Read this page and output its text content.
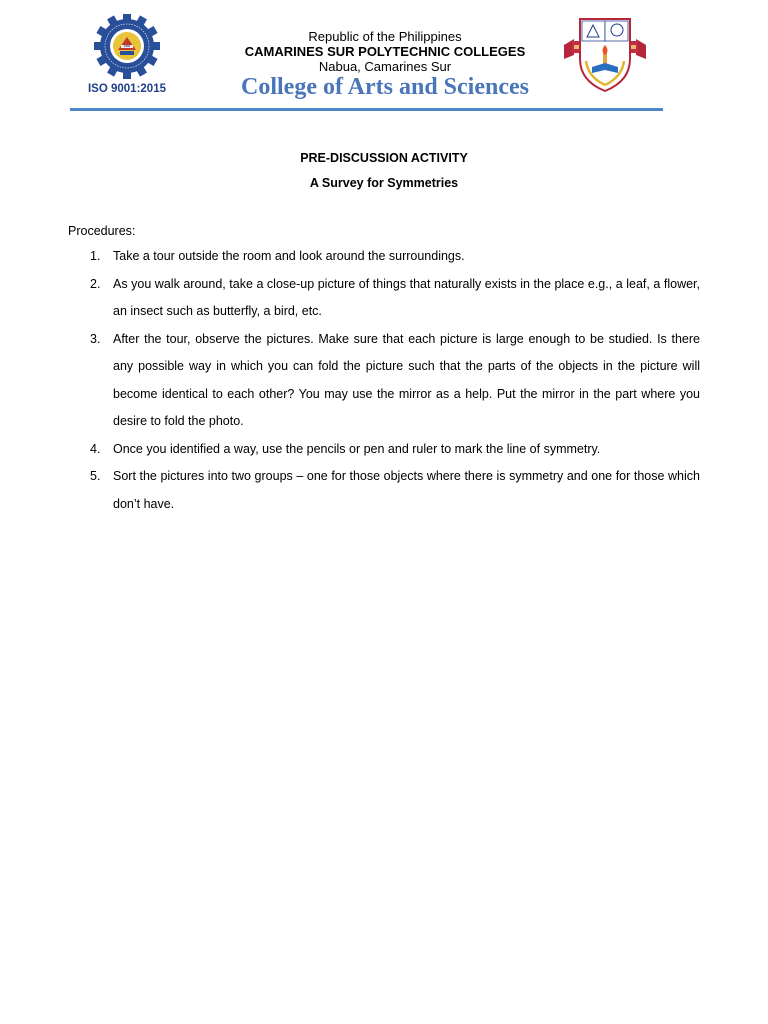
1983
ISO 9001:2015
Republic of the Philippines
CAMARINES SUR POLYTECHNIC COLLEGES
Nabua, Camarines Sur
College of Arts and Sciences
PRE-DISCUSSION ACTIVITY
A Survey for Symmetries
Procedures:
1.	Take a tour outside the room and look around the surroundings.
2.	As you walk around, take a close-up picture of things that naturally exists in the place e.g., a leaf, a flower, an insect such as butterfly, a bird, etc.
3.	After the tour, observe the pictures. Make sure that each picture is large enough to be studied. Is there any possible way in which you can fold the picture such that the parts of the objects in the picture will become identical to each other? You may use the mirror as a help. Put the mirror in the part where you desire to fold the photo.
4.	Once you identified a way, use the pencils or pen and ruler to mark the line of symmetry.
5.	Sort the pictures into two groups – one for those objects where there is symmetry and one for those which don’t have.
